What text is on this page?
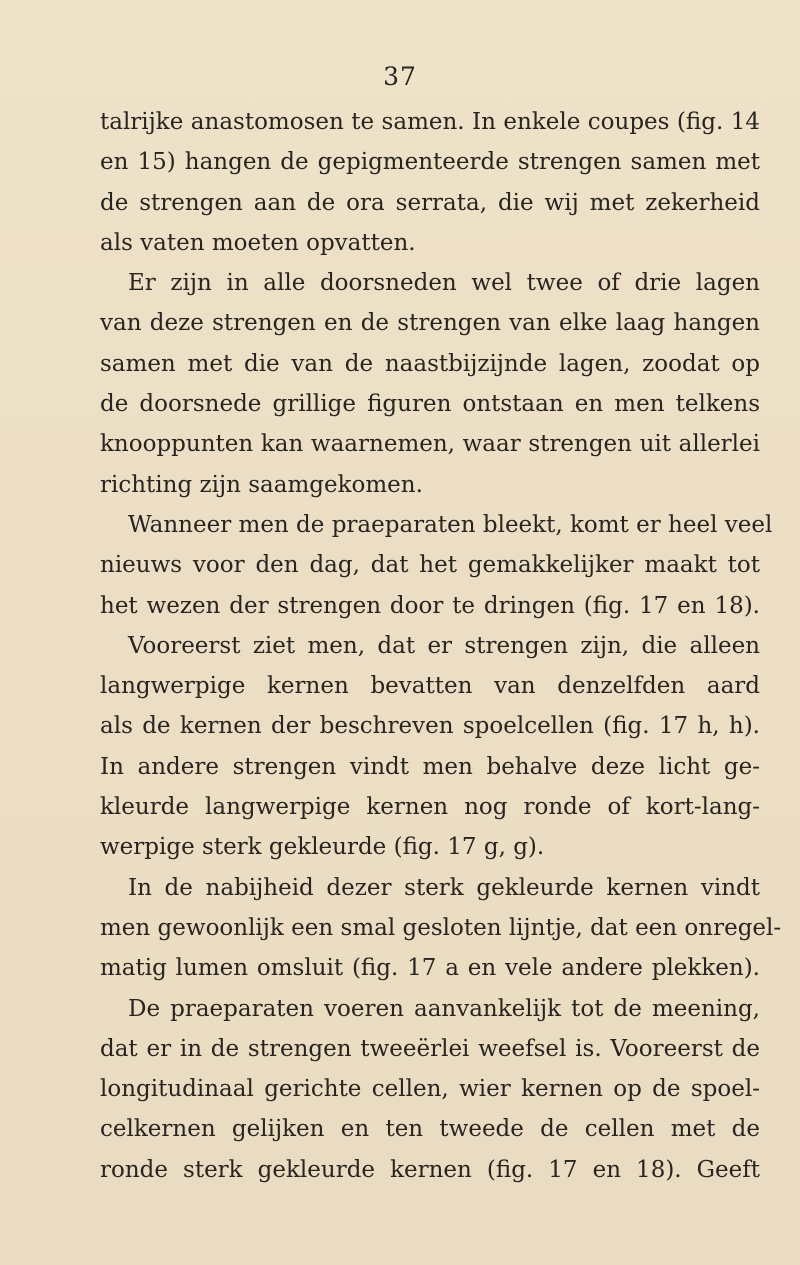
37
talrijke anastomosen te samen. In enkele coupes (fig. 14
en 15) hangen de gepigmenteerde strengen samen met
de strengen aan de ora serrata, die wij met zekerheid
als vaten moeten opvatten.
Er zijn in alle doorsneden wel twee of drie lagen
van deze strengen en de strengen van elke laag hangen
samen met die van de naastbijzijnde lagen, zoodat op
de doorsnede grillige figuren ontstaan en men telkens
knooppunten kan waarnemen, waar strengen uit allerlei
richting zijn saamgekomen.
Wanneer men de praeparaten bleekt, komt er heel veel
nieuws voor den dag, dat het gemakkelijker maakt tot
het wezen der strengen door te dringen (fig. 17 en 18).
Vooreerst ziet men, dat er strengen zijn, die alleen
langwerpige kernen bevatten van denzelfden aard
als de kernen der beschreven spoelcellen (fig. 17 h, h).
In andere strengen vindt men behalve deze licht ge-
kleurde langwerpige kernen nog ronde of kort-lang-
werpige sterk gekleurde (fig. 17 g, g).
In de nabijheid dezer sterk gekleurde kernen vindt
men gewoonlijk een smal gesloten lijntje, dat een onregel-
matig lumen omsluit (fig. 17 a en vele andere plekken).
De praeparaten voeren aanvankelijk tot de meening,
dat er in de strengen tweeërlei weefsel is. Vooreerst de
longitudinaal gerichte cellen, wier kernen op de spoel-
celkernen gelijken en ten tweede de cellen met de
ronde sterk gekleurde kernen (fig. 17 en 18). Geeft
